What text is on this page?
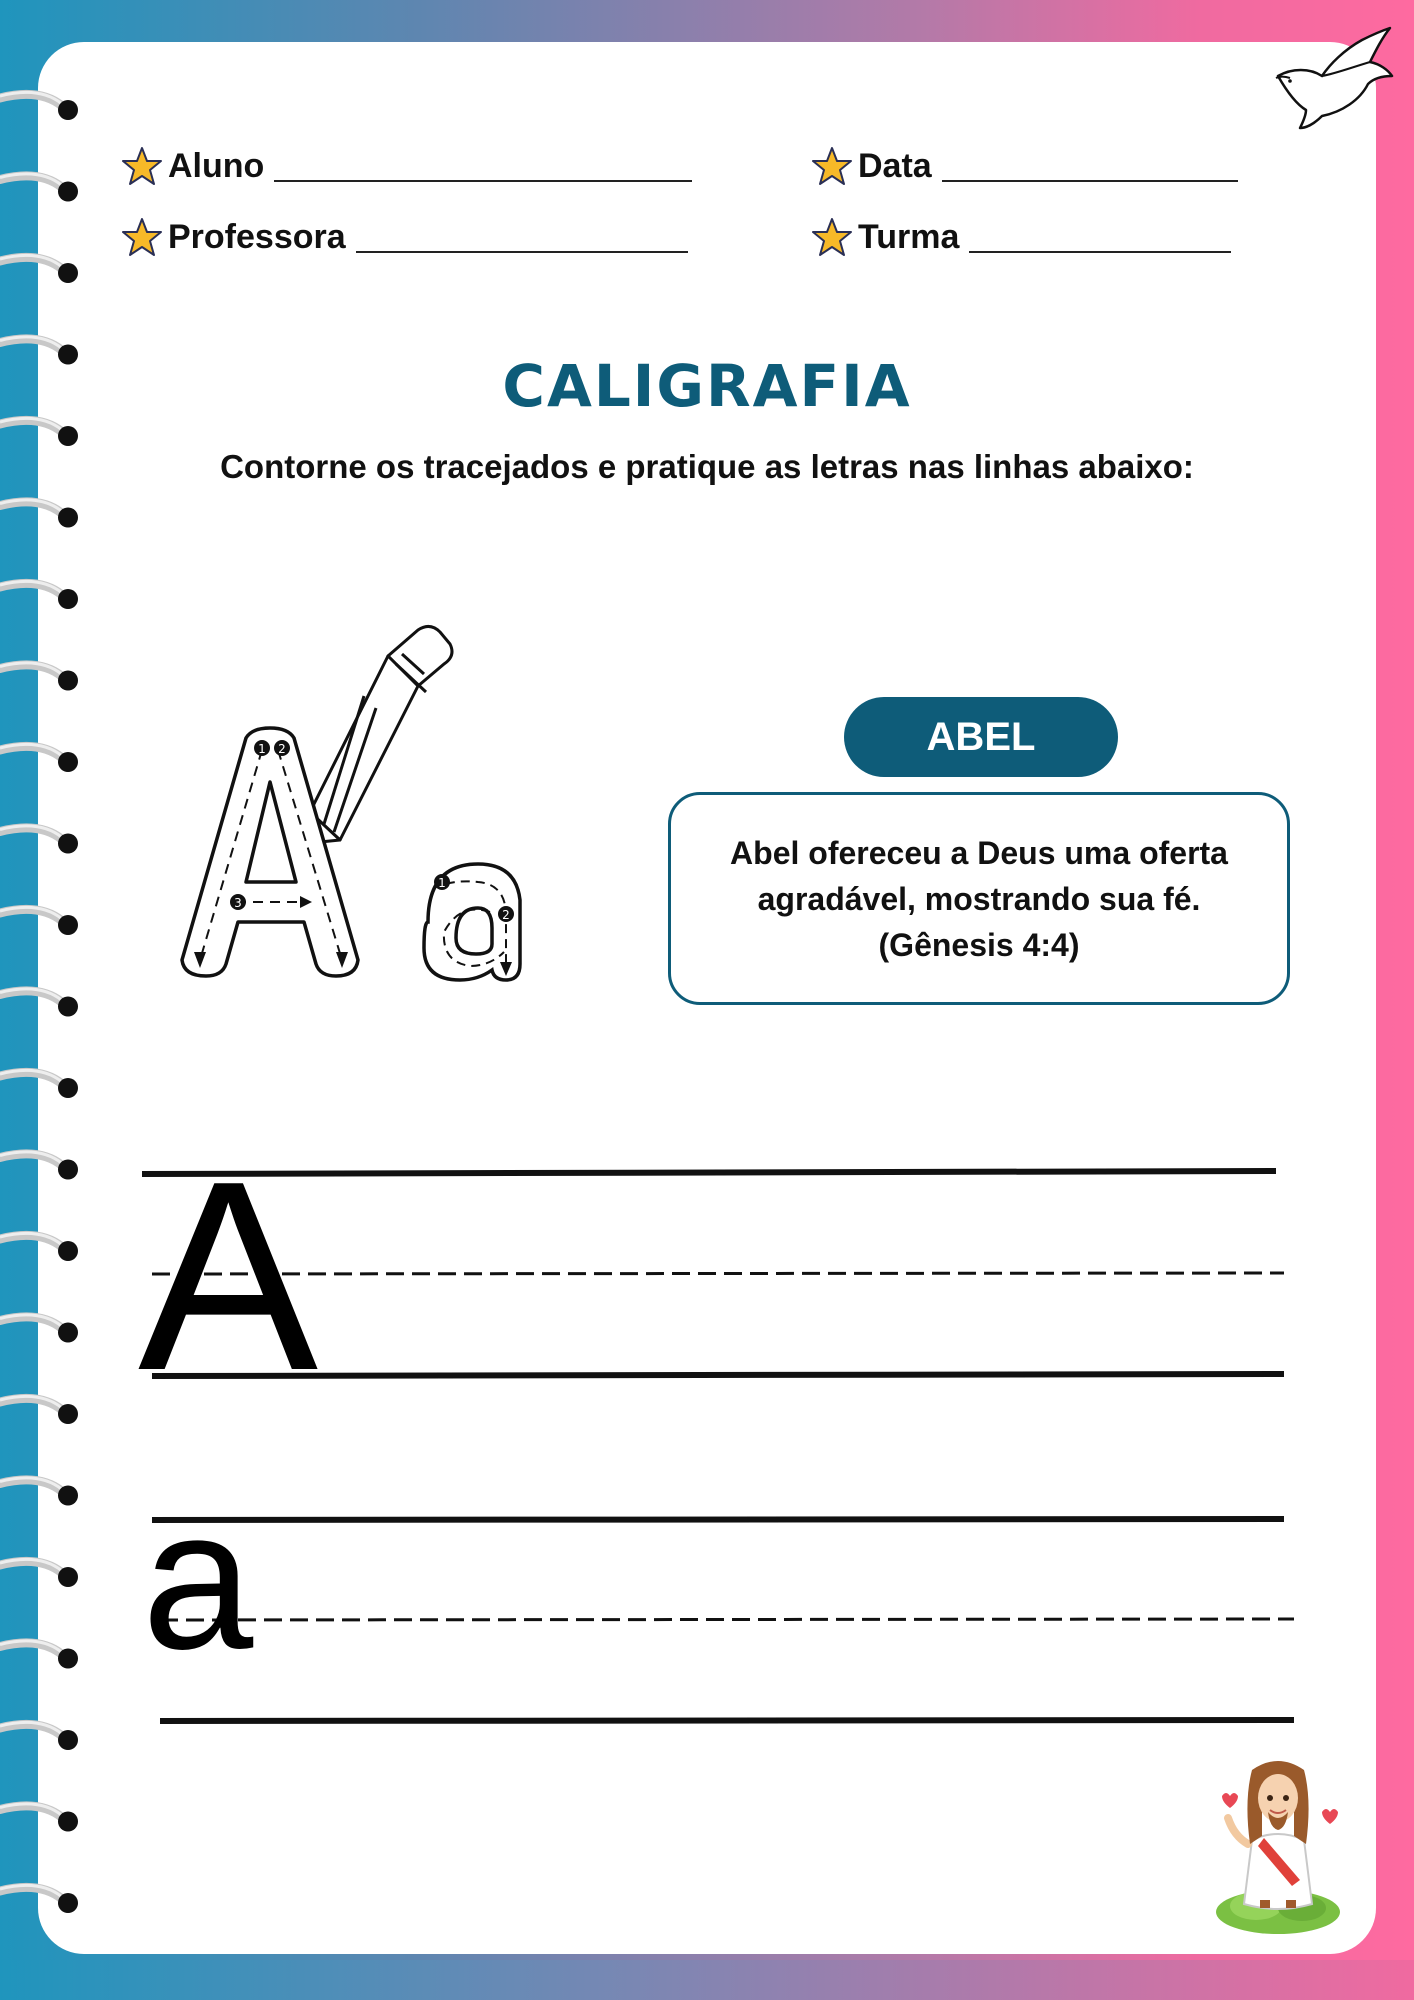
Aluno	Data
Professora	Turma
CALIGRAFIA
Contorne os tracejados e pratique as letras nas linhas abaixo:
1 2
3
1
2
ABEL
Abel ofereceu a Deus uma oferta
agradável, mostrando sua fé.
(Gênesis 4:4)
A
a
